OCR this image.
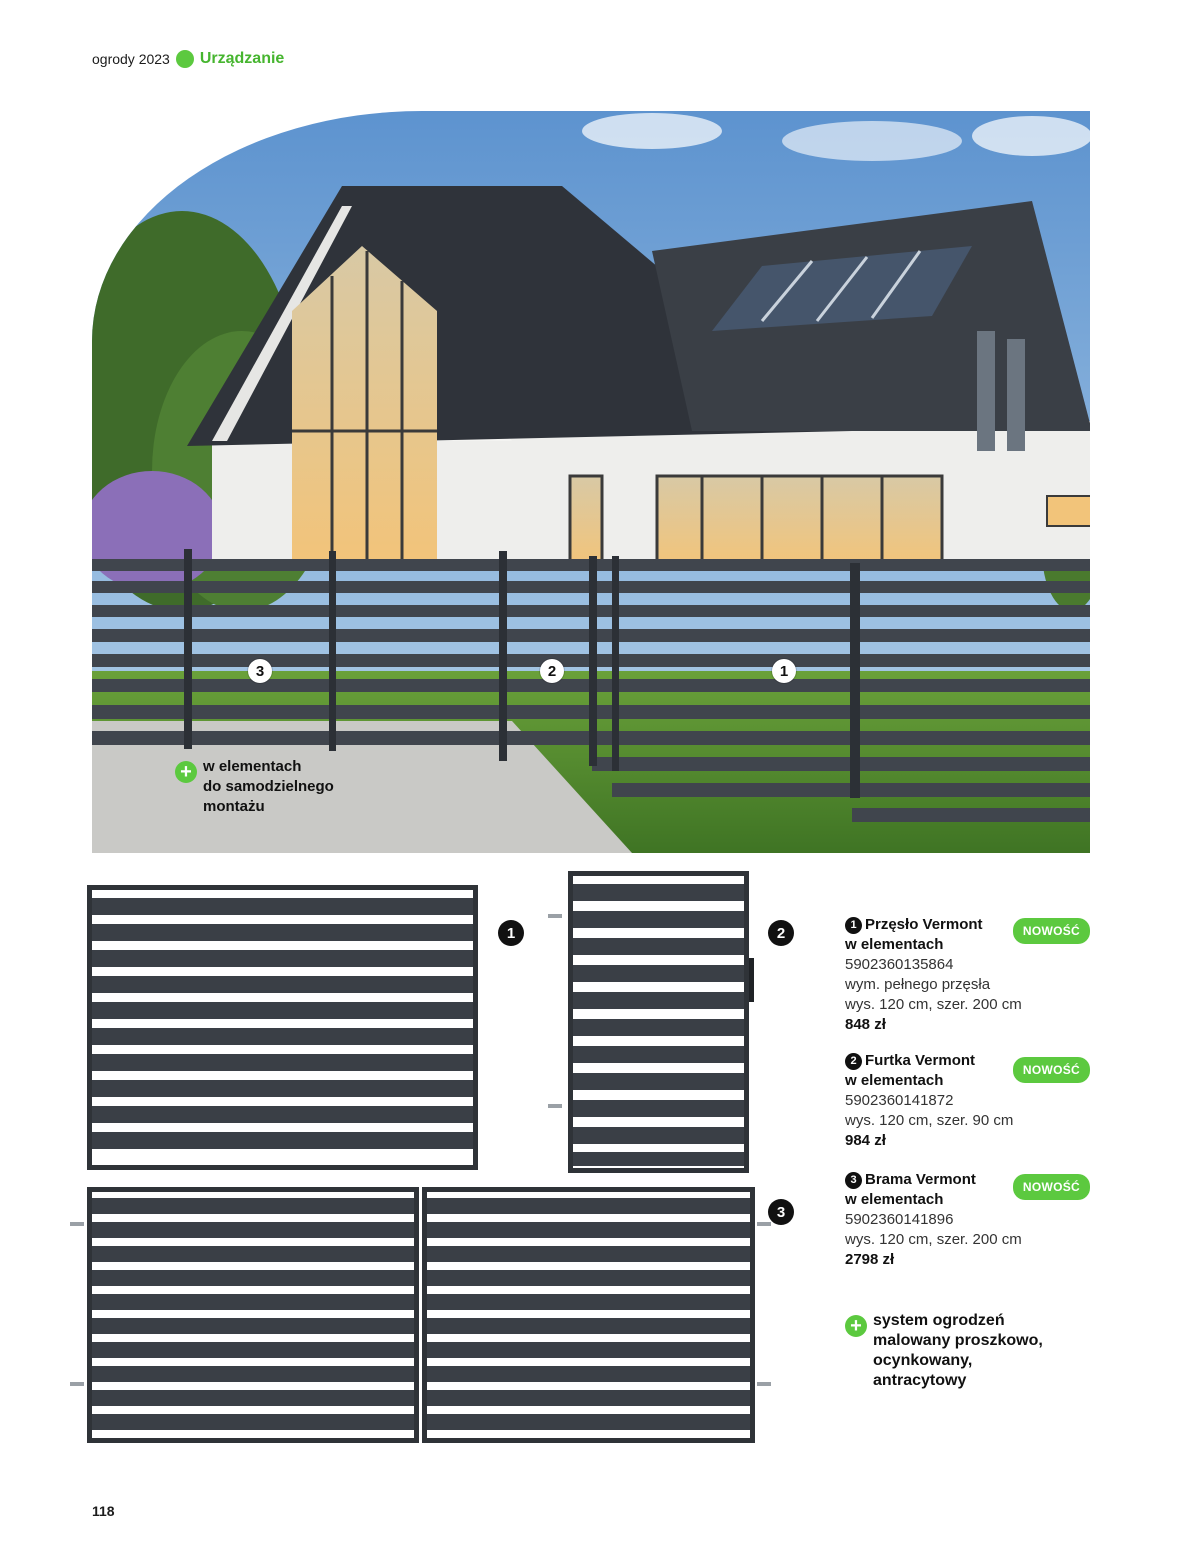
ogrody 2023 Urządzanie
3	2	1
+ w elementach
do samodzielnego
montażu
1	2
3
1 Przęsło Vermont
w elementach
5902360135864
wym. pełnego przęsła
wys. 120 cm, szer. 200 cm
848 zł
NOWOŚĆ
2 Furtka Vermont
w elementach
5902360141872
wys. 120 cm, szer. 90 cm
984 zł
NOWOŚĆ
3 Brama Vermont
w elementach
5902360141896
wys. 120 cm, szer. 200 cm
2798 zł
NOWOŚĆ
+ system ogrodzeń
malowany proszkowo,
ocynkowany,
antracytowy
118
